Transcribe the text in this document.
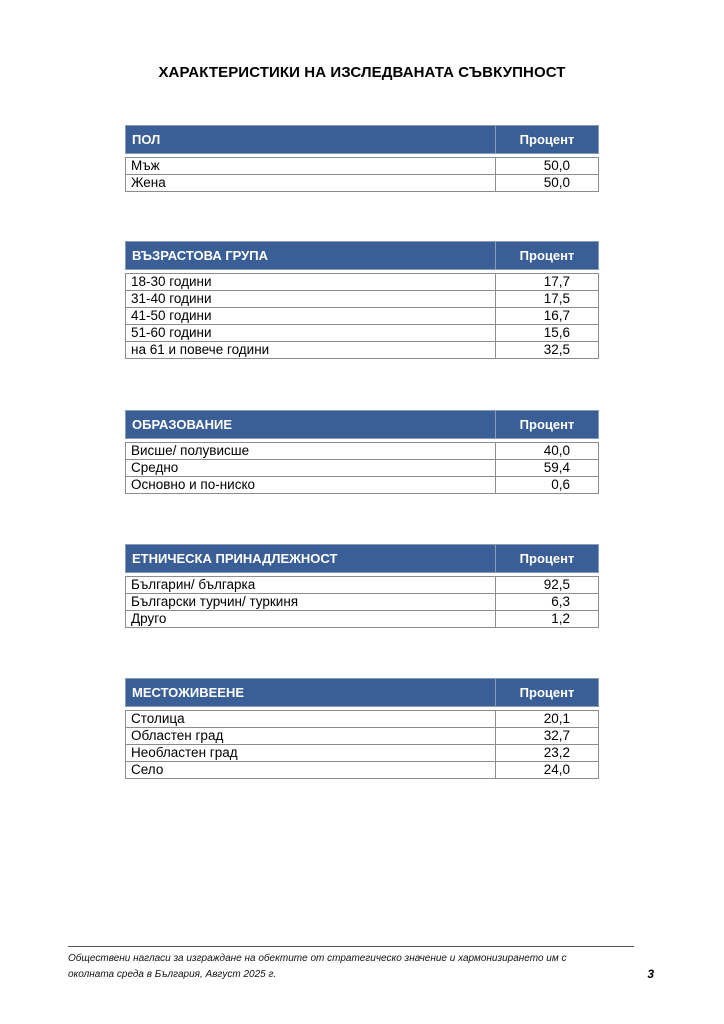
ХАРАКТЕРИСТИКИ НА ИЗСЛЕДВАНАТА СЪВКУПНОСТ
ПОЛ	Процент

Мъж	50,0
Жена	50,0
ВЪЗРАСТОВА ГРУПА	Процент

18-30 години	17,7
31-40 години	17,5
41-50 години	16,7
51-60 години	15,6
на 61 и повече години	32,5
ОБРАЗОВАНИЕ	Процент

Висше/ полувисше	40,0
Средно	59,4
Основно и по-ниско	0,6
ЕТНИЧЕСКА ПРИНАДЛЕЖНОСТ	Процент

Българин/ българка	92,5
Български турчин/ туркиня	6,3
Друго	1,2
МЕСТОЖИВЕЕНЕ	Процент

Столица	20,1
Областен град	32,7
Необластен град	23,2
Село	24,0
Обществени нагласи за изграждане на обектите от стратегическо значение и хармонизирането им с
околната среда в България, Август 2025 г.	3
